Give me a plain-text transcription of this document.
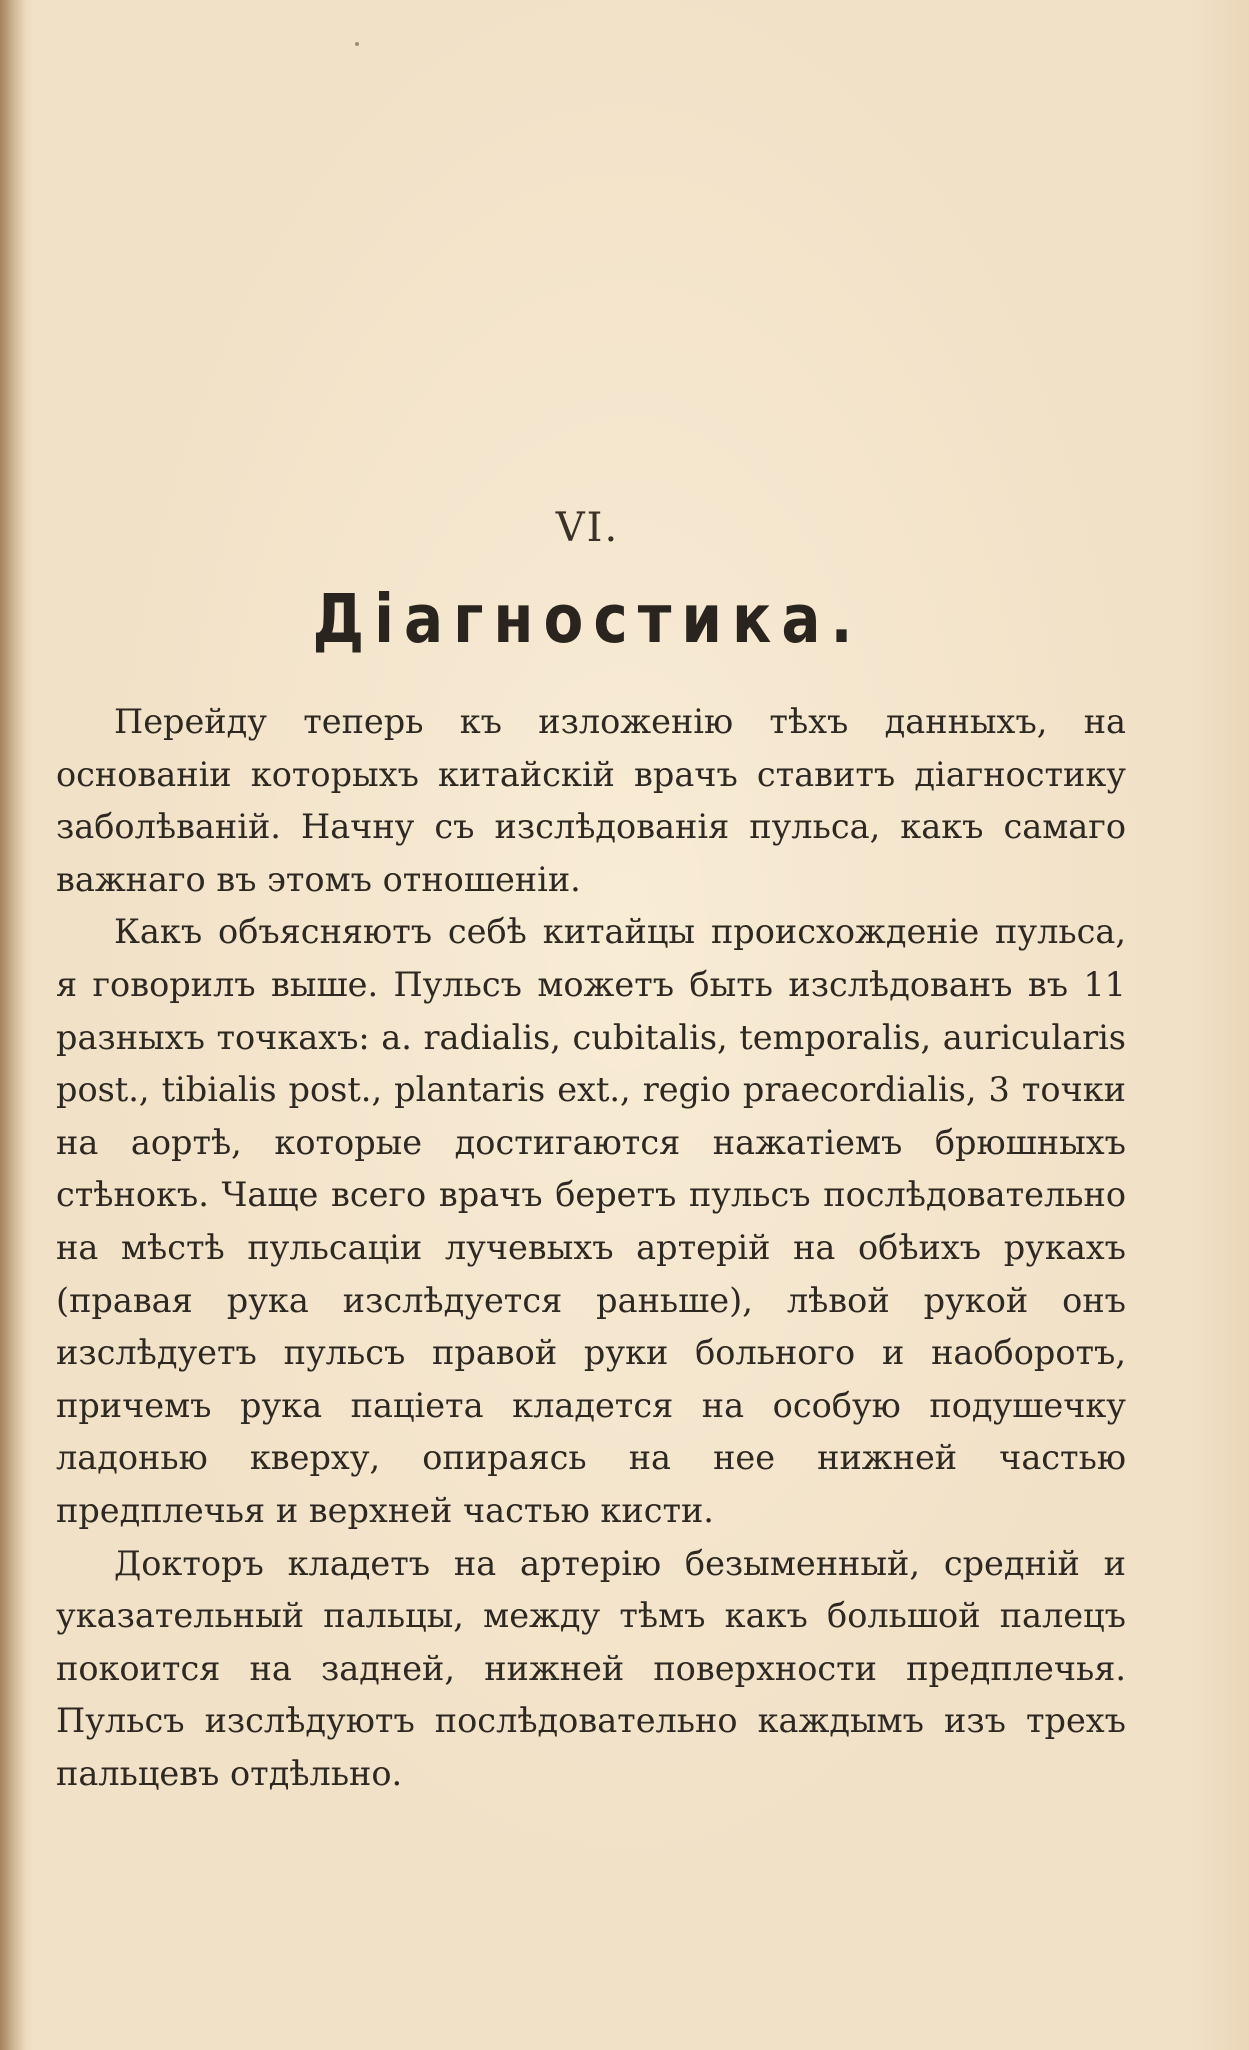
VI.
Діагностика.

Перейду теперь къ изложенію тѣхъ данныхъ, на основаніи которыхъ китайскій врачъ ставитъ діагностику заболѣваній. Начну съ изслѣдованія пульса, какъ самаго важнаго въ этомъ отношеніи.

Какъ объясняютъ себѣ китайцы происхожденіе пульса, я говорилъ выше. Пульсъ можетъ быть изслѣдованъ въ 11 разныхъ точкахъ: a. radialis, cubitalis, temporalis, auricularis post., tibialis post., plantaris ext., regio praecordialis, 3 точки на аортѣ, которые достигаются нажатіемъ брюшныхъ стѣнокъ. Чаще всего врачъ беретъ пульсъ послѣдовательно на мѣстѣ пульсаціи лучевыхъ артерій на обѣихъ рукахъ (правая рука изслѣдуется раньше), лѣвой рукой онъ изслѣдуетъ пульсъ правой руки больного и наоборотъ, причемъ рука паціета кладется на особую подушечку ладонью кверху, опираясь на нее нижней частью предплечья и верхней частью кисти.

Докторъ кладетъ на артерію безыменный, средній и указательный пальцы, между тѣмъ какъ большой палецъ покоится на задней, нижней поверхности предплечья. Пульсъ изслѣдуютъ послѣдовательно каждымъ изъ трехъ пальцевъ отдѣльно.
